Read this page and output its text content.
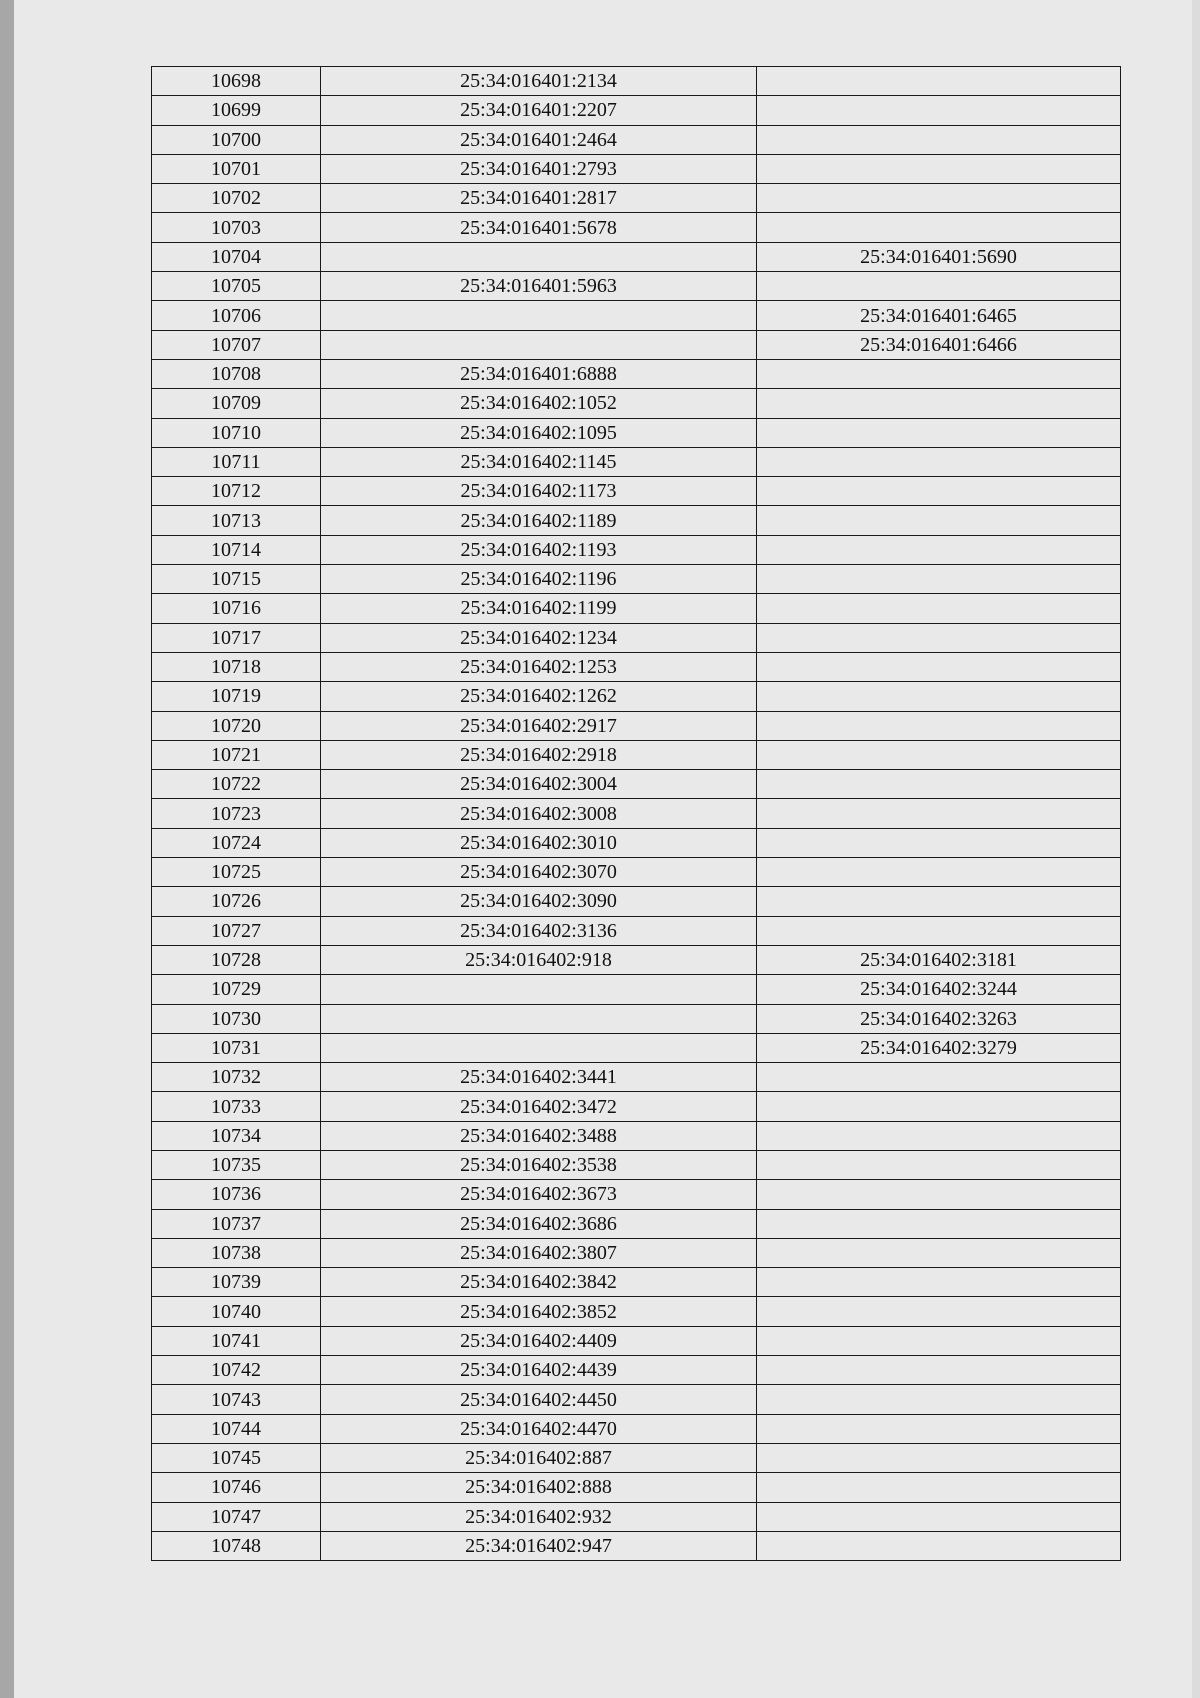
10698	25:34:016401:2134	
10699	25:34:016401:2207	
10700	25:34:016401:2464	
10701	25:34:016401:2793	
10702	25:34:016401:2817	
10703	25:34:016401:5678	
10704		25:34:016401:5690
10705	25:34:016401:5963	
10706		25:34:016401:6465
10707		25:34:016401:6466
10708	25:34:016401:6888	
10709	25:34:016402:1052	
10710	25:34:016402:1095	
10711	25:34:016402:1145	
10712	25:34:016402:1173	
10713	25:34:016402:1189	
10714	25:34:016402:1193	
10715	25:34:016402:1196	
10716	25:34:016402:1199	
10717	25:34:016402:1234	
10718	25:34:016402:1253	
10719	25:34:016402:1262	
10720	25:34:016402:2917	
10721	25:34:016402:2918	
10722	25:34:016402:3004	
10723	25:34:016402:3008	
10724	25:34:016402:3010	
10725	25:34:016402:3070	
10726	25:34:016402:3090	
10727	25:34:016402:3136	
10728	25:34:016402:918	25:34:016402:3181
10729		25:34:016402:3244
10730		25:34:016402:3263
10731		25:34:016402:3279
10732	25:34:016402:3441	
10733	25:34:016402:3472	
10734	25:34:016402:3488	
10735	25:34:016402:3538	
10736	25:34:016402:3673	
10737	25:34:016402:3686	
10738	25:34:016402:3807	
10739	25:34:016402:3842	
10740	25:34:016402:3852	
10741	25:34:016402:4409	
10742	25:34:016402:4439	
10743	25:34:016402:4450	
10744	25:34:016402:4470	
10745	25:34:016402:887	
10746	25:34:016402:888	
10747	25:34:016402:932	
10748	25:34:016402:947	
